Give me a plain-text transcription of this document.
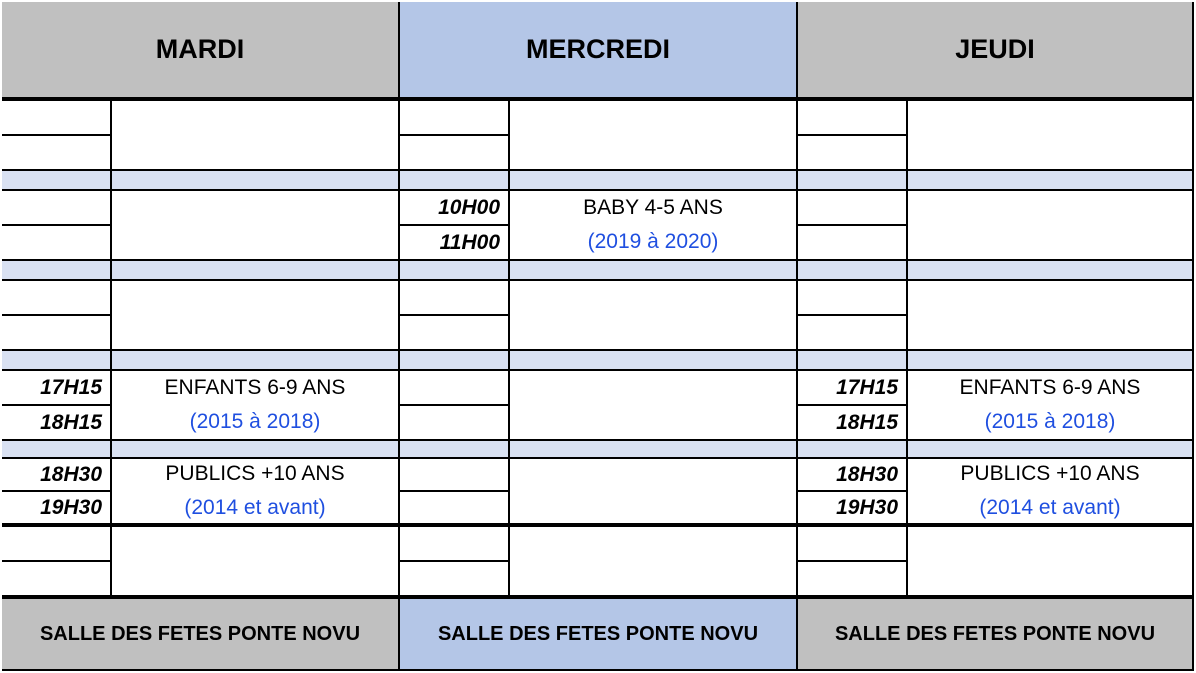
MARDI
17H15
18H15
ENFANTS 6-9 ANS
(2015 à 2018)
18H30
19H30
PUBLICS +10 ANS
(2014 et avant)
SALLE DES FETES PONTE NOVU
MERCREDI
10H00
11H00
BABY 4-5 ANS
(2019 à 2020)
SALLE DES FETES PONTE NOVU
JEUDI
17H15
18H15
ENFANTS 6-9 ANS
(2015 à 2018)
18H30
19H30
PUBLICS +10 ANS
(2014 et avant)
SALLE DES FETES PONTE NOVU
